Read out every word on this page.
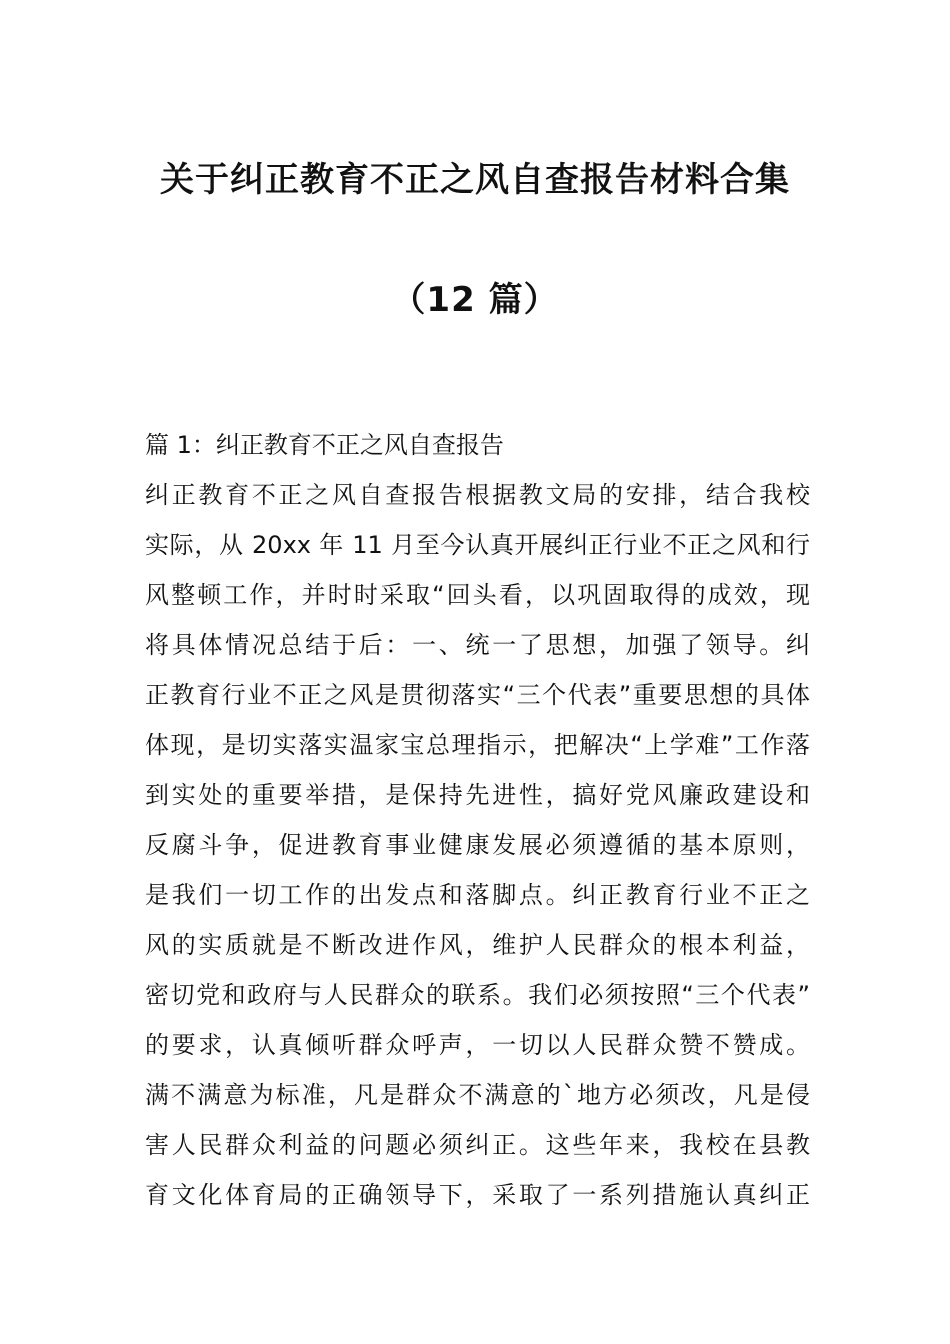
关于纠正教育不正之风自查报告材料合集
（12 篇）
篇 1：纠正教育不正之风自查报告
纠正教育不正之风自查报告根据教文局的安排，结合我校
实际，从 20xx 年 11 月至今认真开展纠正行业不正之风和行
风整顿工作，并时时采取“回头看，以巩固取得的成效，现
将具体情况总结于后：一、统一了思想，加强了领导。纠
正教育行业不正之风是贯彻落实“三个代表”重要思想的具体
体现，是切实落实温家宝总理指示，把解决“上学难”工作落
到实处的重要举措，是保持先进性，搞好党风廉政建设和
反腐斗争，促进教育事业健康发展必须遵循的基本原则，
是我们一切工作的出发点和落脚点。纠正教育行业不正之
风的实质就是不断改进作风，维护人民群众的根本利益，
密切党和政府与人民群众的联系。我们必须按照“三个代表”
的要求，认真倾听群众呼声，一切以人民群众赞不赞成。
满不满意为标准，凡是群众不满意的`地方必须改，凡是侵
害人民群众利益的问题必须纠正。这些年来，我校在县教
育文化体育局的正确领导下，采取了一系列措施认真纠正
